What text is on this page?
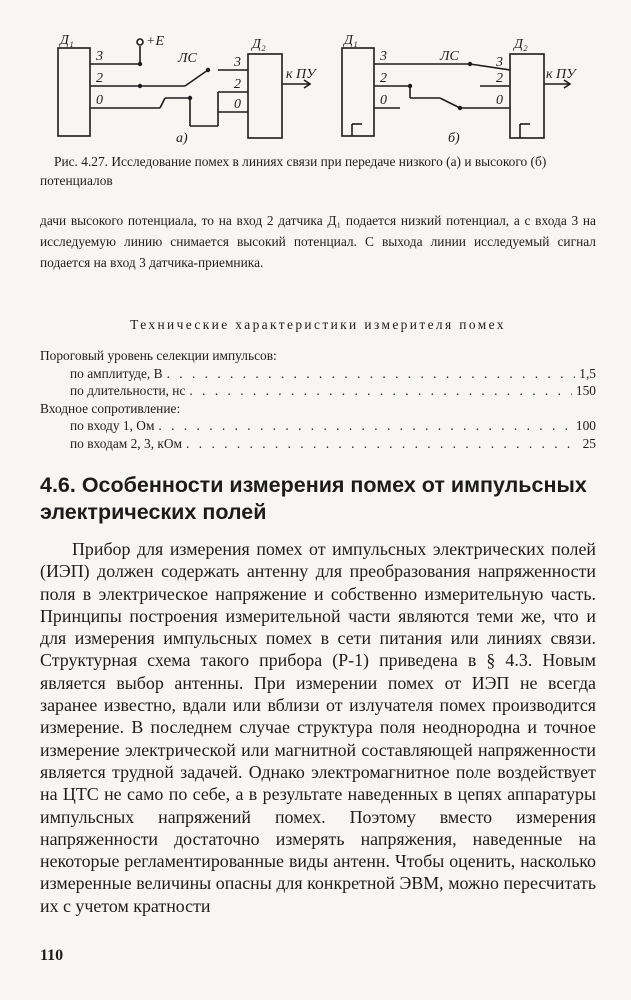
Д₁	Д₂
+E
ЛС
3
2
0
3
2
0
к ПУ
а)
Д₁	Д₂
ЛС
3
2
0
3
2
0
к ПУ
б)
Рис. 4.27. Исследование помех в линиях связи при передаче низкого (а) и высокого (б) потенциалов
дачи высокого потенциала, то на вход 2 датчика Д₁ подается низкий потенциал, а с входа 3 на исследуемую линию снимается высокий потенциал. С выхода линии исследуемый сигнал подается на вход 3 датчика-приемника.
Технические характеристики измерителя помех
Пороговый уровень селекции импульсов:
по амплитуде, В . . .	1,5
по длительности, нс . . .	150
Входное сопротивление:
по входу 1, Ом . . .	100
по входам 2, 3, кОм . . .	25
4.6. Особенности измерения помех от импульсных электрических полей
Прибор для измерения помех от импульсных электрических полей (ИЭП) должен содержать антенну для преобразования напряженности поля в электрическое напряжение и собственно измерительную часть. Принципы построения измерительной части являются теми же, что и для измерения импульсных помех в сети питания или линиях связи. Структурная схема такого прибора (Р-1) приведена в § 4.3. Новым является выбор антенны. При измерении помех от ИЭП не всегда заранее известно, вдали или вблизи от излучателя помех производится измерение. В последнем случае структура поля неоднородна и точное измерение электрической или магнитной составляющей напряженности является трудной задачей. Однако электромагнитное поле воздействует на ЦТС не само по себе, а в результате наведенных в цепях аппаратуры импульсных напряжений помех. Поэтому вместо измерения напряженности достаточно измерять напряжения, наведенные на некоторые регламентированные виды антенн. Чтобы оценить, насколько измеренные величины опасны для конкретной ЭВМ, можно пересчитать их с учетом кратности
110
